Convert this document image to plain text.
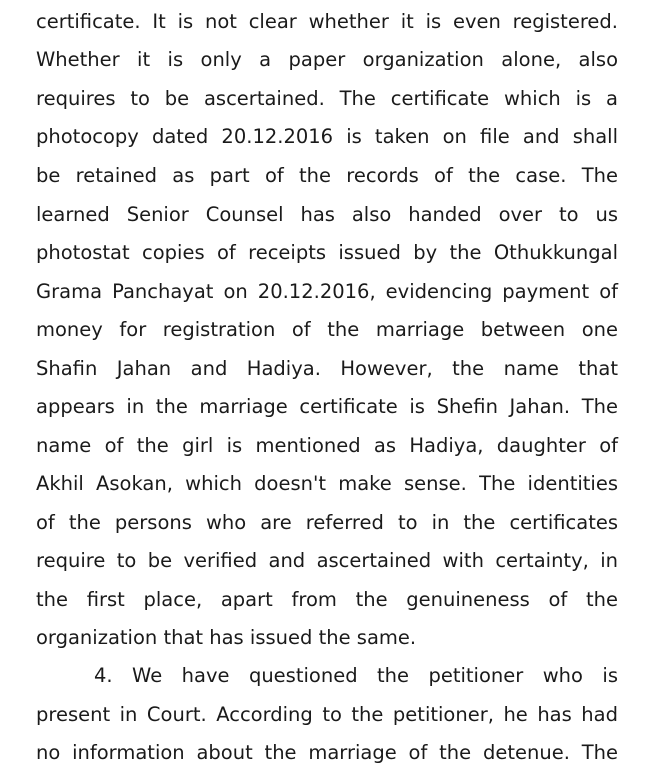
certificate. It is not clear whether it is even registered.
Whether it is only a paper organization alone, also
requires to be ascertained. The certificate which is a
photocopy dated 20.12.2016 is taken on file and shall
be retained as part of the records of the case. The
learned Senior Counsel has also handed over to us
photostat copies of receipts issued by the Othukkungal
Grama Panchayat on 20.12.2016, evidencing payment of
money for registration of the marriage between one
Shafin Jahan and Hadiya. However, the name that
appears in the marriage certificate is Shefin Jahan. The
name of the girl is mentioned as Hadiya, daughter of
Akhil Asokan, which doesn't make sense. The identities
of the persons who are referred to in the certificates
require to be verified and ascertained with certainty, in
the first place, apart from the genuineness of the
organization that has issued the same.
4. We have questioned the petitioner who is
present in Court. According to the petitioner, he has had
no information about the marriage of the detenue. The
